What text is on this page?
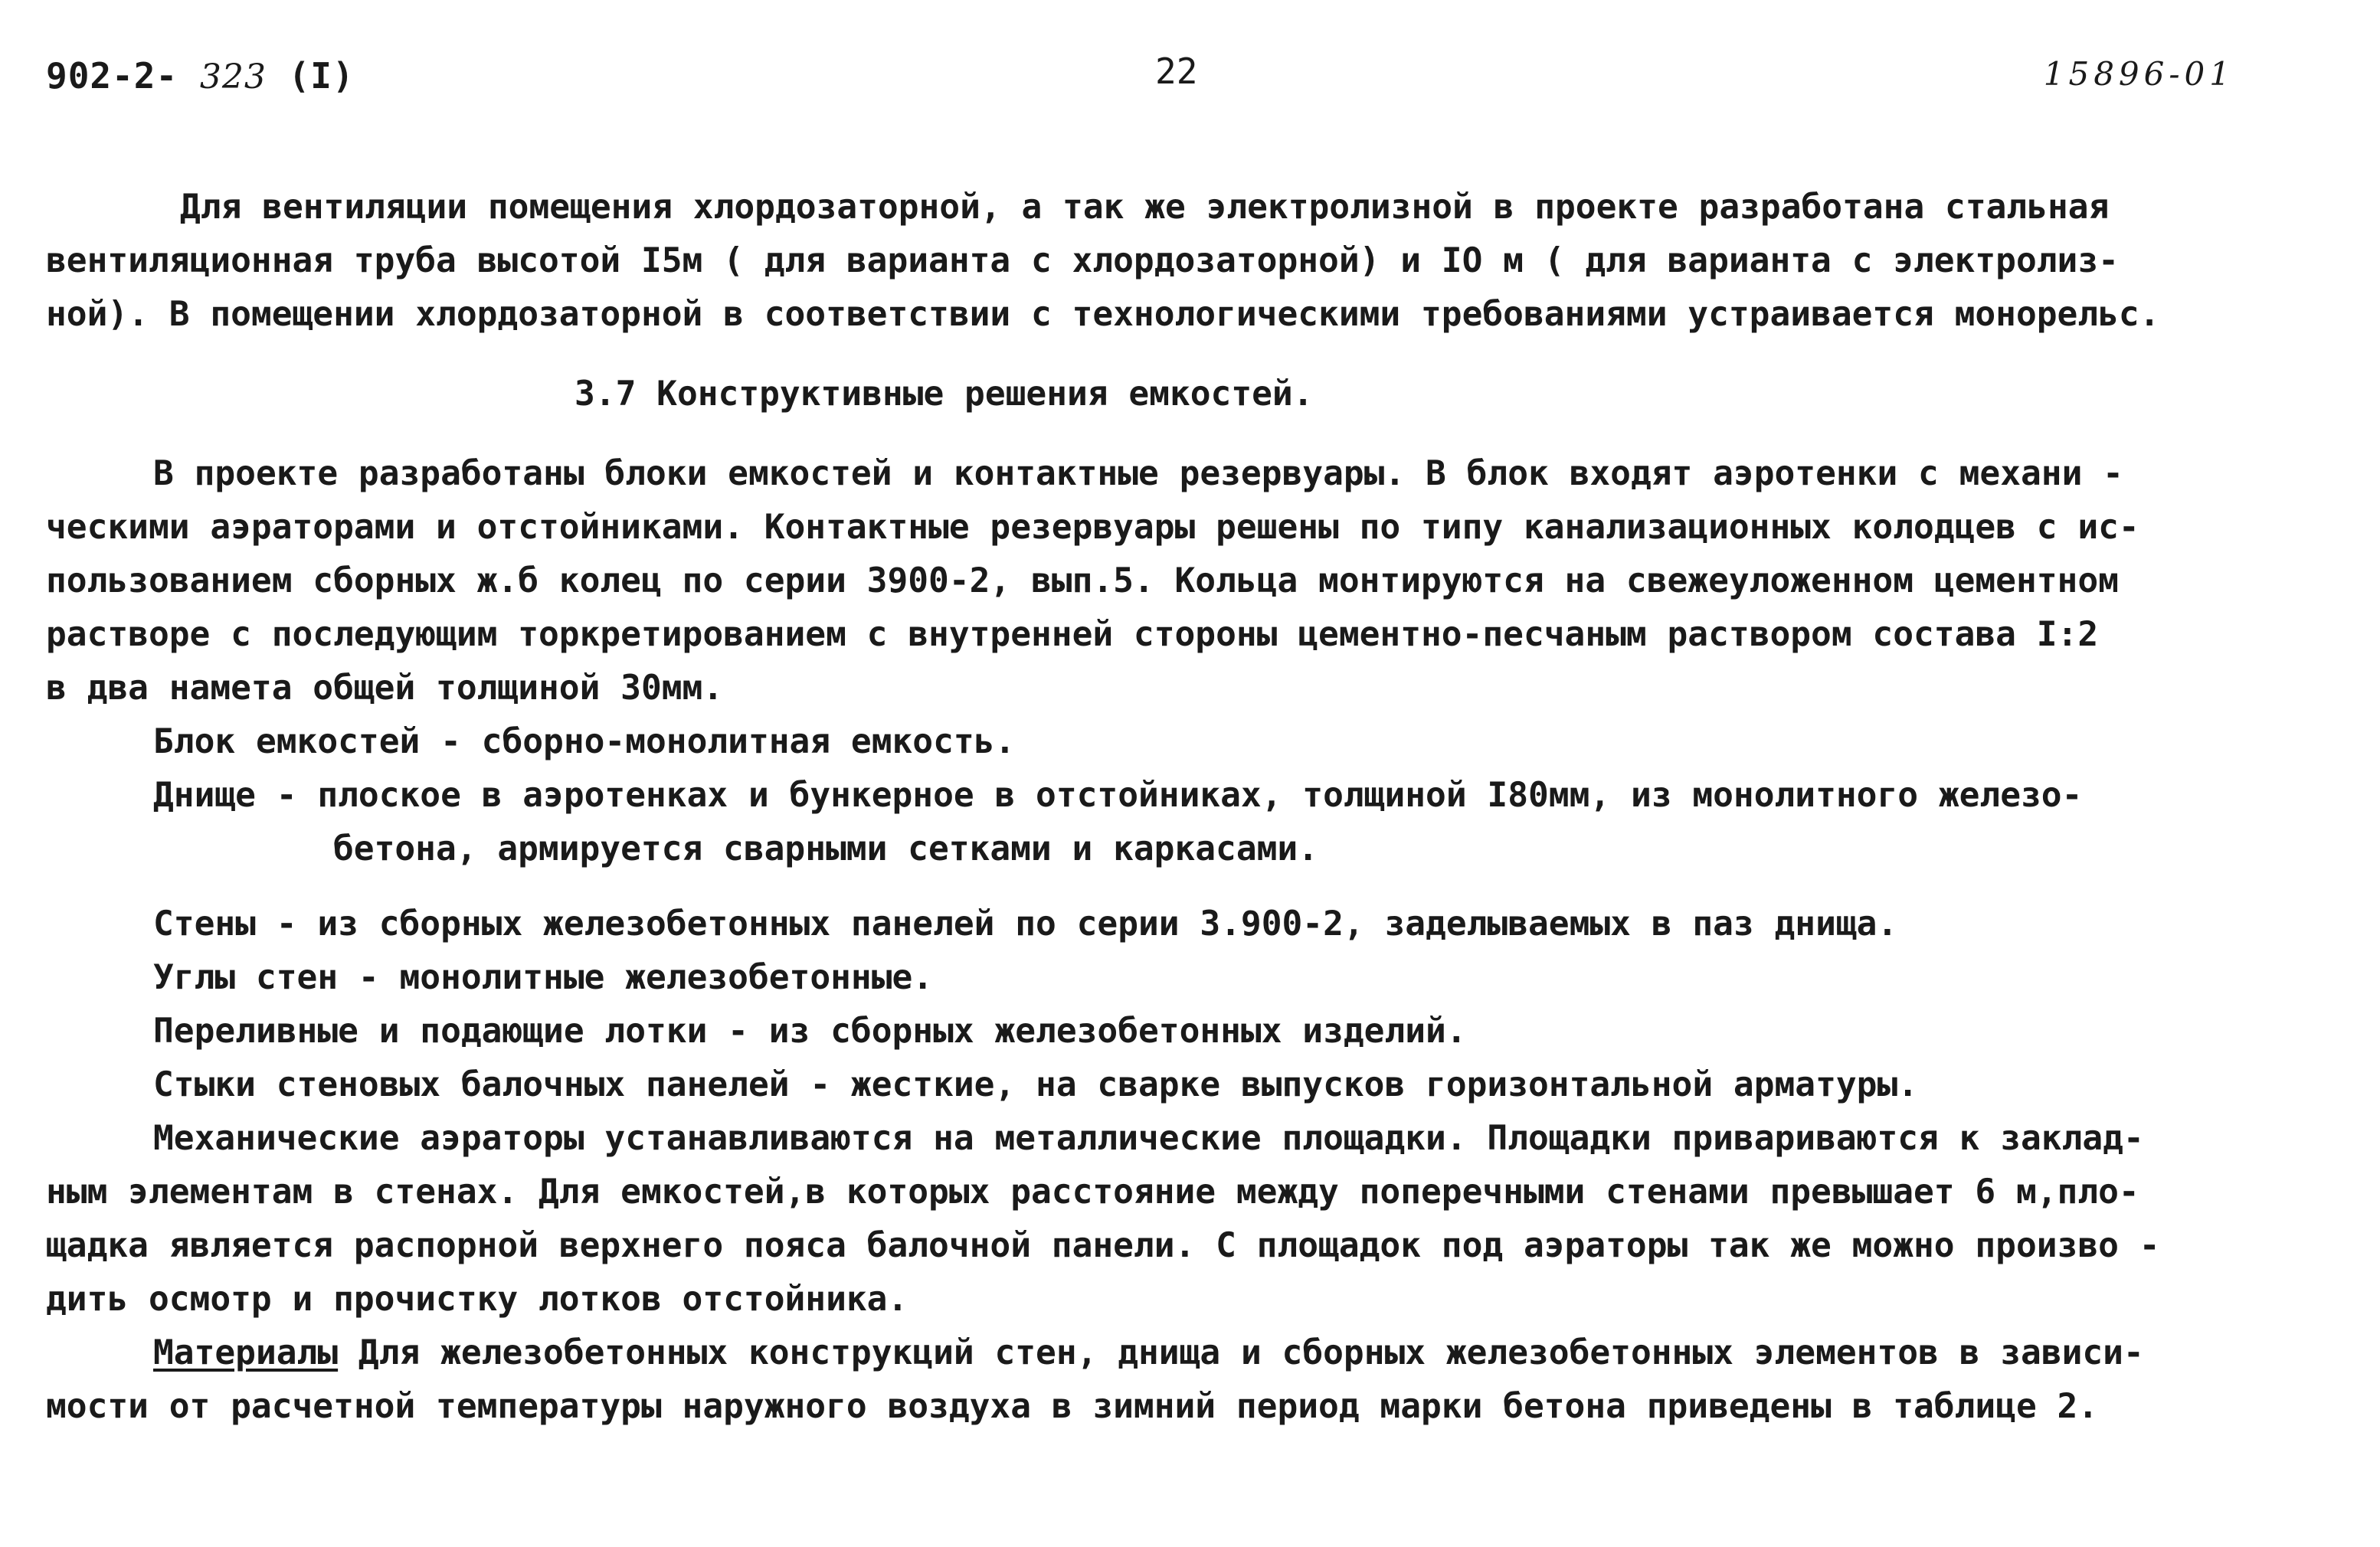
902-2- 323 (I)	22	15896-01
Для вентиляции помещения хлордозаторной, а так же электролизной в проекте разработана стальная
вентиляционная труба высотой I5м ( для варианта с хлордозаторной) и IO м ( для варианта с электролиз-
ной). В помещении хлордозаторной в соответствии с технологическими требованиями устраивается монорельс.
3.7 Конструктивные решения емкостей.
В проекте разработаны блоки емкостей и контактные резервуары. В блок входят аэротенки с механи -
ческими аэраторами и отстойниками. Контактные резервуары решены по типу канализационных колодцев с ис-
пользованием сборных ж.б колец по серии 3900-2, вып.5. Кольца монтируются на свежеуложенном цементном
растворе с последующим торкретированием с внутренней стороны цементно-песчаным раствором состава I:2
в два намета общей толщиной 30мм.
Блок емкостей - сборно-монолитная емкость.
Днище - плоское в аэротенках и бункерное в отстойниках, толщиной I80мм, из монолитного железо-
бетона, армируется сварными сетками и каркасами.
Стены - из сборных железобетонных панелей по серии 3.900-2, заделываемых в паз днища.
Углы стен - монолитные железобетонные.
Переливные и подающие лотки - из сборных железобетонных изделий.
Стыки стеновых балочных панелей - жесткие, на сварке выпусков горизонтальной арматуры.
Механические аэраторы устанавливаются на металлические площадки. Площадки привариваются к заклад-
ным элементам в стенах. Для емкостей,в которых расстояние между поперечными стенами превышает 6 м,пло-
щадка является распорной верхнего пояса балочной панели. С площадок под аэраторы так же можно произво -
дить осмотр и прочистку лотков отстойника.
Материалы Для железобетонных конструкций стен, днища и сборных железобетонных элементов в зависи-
мости от расчетной температуры наружного воздуха в зимний период марки бетона приведены в таблице 2.
